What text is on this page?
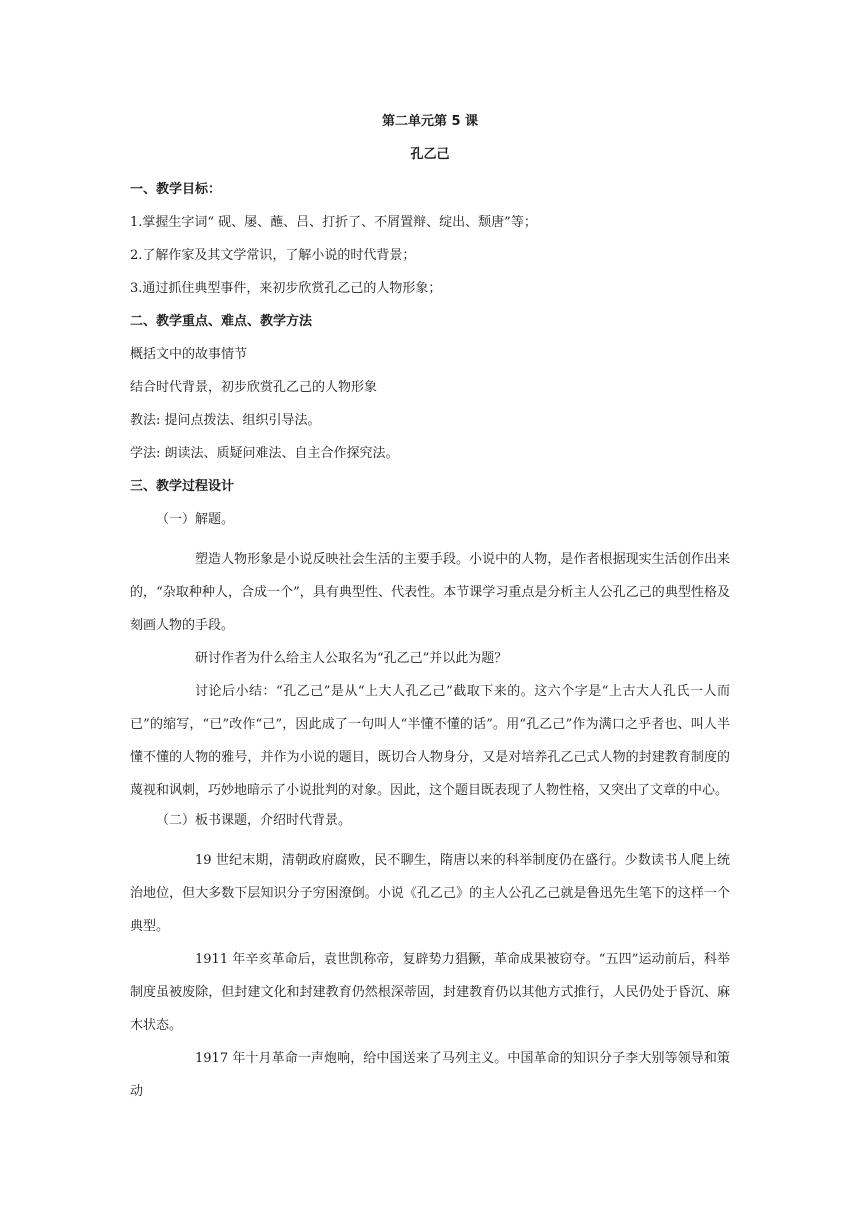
第二单元第 5 课
孔乙己
一、教学目标：
1.掌握生字词“ 砚、屡、蘸、吕、打折了、不屑置辩、绽出、颓唐”等；
2.了解作家及其文学常识，了解小说的时代背景；
3.通过抓住典型事件，来初步欣赏孔乙己的人物形象；
二、教学重点、难点、教学方法
概括文中的故事情节
结合时代背景，初步欣赏孔乙己的人物形象
教法: 提问点拨法、组织引导法。
学法: 朗读法、质疑问难法、自主合作探究法。
三、教学过程设计
（一）解题。

塑造人物形象是小说反映社会生活的主要手段。小说中的人物，是作者根据现实生活创作出来的，“杂取种种人，合成一个”，具有典型性、代表性。本节课学习重点是分析主人公孔乙己的典型性格及刻画人物的手段。

研讨作者为什么给主人公取名为“孔乙己”并以此为题？

讨论后小结：“孔乙己”是从“上大人孔乙己”截取下来的。这六个字是“上古大人孔氏一人而已”的缩写，“已”改作“己”，因此成了一句叫人“半懂不懂的话”。用“孔乙己”作为满口之乎者也、叫人半懂不懂的人物的雅号，并作为小说的题目，既切合人物身分，又是对培养孔乙己式人物的封建教育制度的蔑视和讽刺，巧妙地暗示了小说批判的对象。因此，这个题目既表现了人物性格，又突出了文章的中心。

（二）板书课题，介绍时代背景。

19 世纪末期，清朝政府腐败，民不聊生，隋唐以来的科举制度仍在盛行。少数读书人爬上统治地位，但大多数下层知识分子穷困潦倒。小说《孔乙己》的主人公孔乙己就是鲁迅先生笔下的这样一个典型。

1911 年辛亥革命后，袁世凯称帝，复辟势力猖獗，革命成果被窃夺。“五四”运动前后，科举制度虽被废除，但封建文化和封建教育仍然根深蒂固，封建教育仍以其他方式推行，人民仍处于昏沉、麻木状态。

1917 年十月革命一声炮响，给中国送来了马列主义。中国革命的知识分子李大别等领导和策动
